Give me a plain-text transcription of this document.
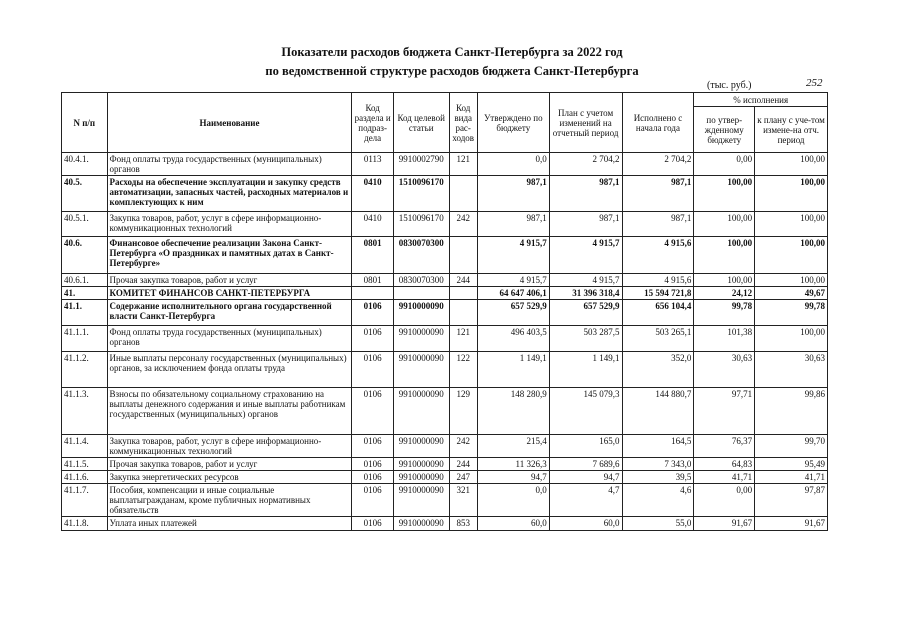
Показатели расходов бюджета Санкт-Петербурга за 2022 год
по ведомственной структуре расходов бюджета Санкт-Петербурга
(тыс. руб.)	252
N п/п	Наименование	Код раздела и подраз-дела	Код целевой статьи	Код вида рас-ходов	Утверждено по бюджету	План с учетом изменений на отчетный период	Исполнено с начала года	% исполнения	
								по утвер-жденному бюджету	к плану с уче-том измене-на отч. период
40.4.1.	Фонд оплаты труда государственных (муниципальных) органов	0113	9910002790	121	0,0	2 704,2	2 704,2	0,00	100,00
40.5.	Расходы на обеспечение эксплуатации и закупку средств автоматизации, запасных частей, расходных материалов и комплектующих к ним	0410	1510096170		987,1	987,1	987,1	100,00	100,00
40.5.1.	Закупка товаров, работ, услуг в сфере информационно-коммуникационных технологий	0410	1510096170	242	987,1	987,1	987,1	100,00	100,00
40.6.	Финансовое обеспечение реализации Закона Санкт-Петербурга «О праздниках и памятных датах в Санкт-Петербурге»	0801	0830070300		4 915,7	4 915,7	4 915,6	100,00	100,00
40.6.1.	Прочая закупка товаров, работ и услуг	0801	0830070300	244	4 915,7	4 915,7	4 915,6	100,00	100,00
41.	КОМИТЕТ ФИНАНСОВ САНКТ-ПЕТЕРБУРГА				64 647 406,1	31 396 318,4	15 594 721,8	24,12	49,67
41.1.	Содержание исполнительного органа государственной власти Санкт-Петербурга	0106	9910000090		657 529,9	657 529,9	656 104,4	99,78	99,78
41.1.1.	Фонд оплаты труда государственных (муниципальных) органов	0106	9910000090	121	496 403,5	503 287,5	503 265,1	101,38	100,00
41.1.2.	Иные выплаты персоналу государственных (муниципальных) органов, за исключением фонда оплаты труда	0106	9910000090	122	1 149,1	1 149,1	352,0	30,63	30,63
41.1.3.	Взносы по обязательному социальному страхованию на выплаты денежного содержания и иные выплаты работникам государственных (муниципальных) органов	0106	9910000090	129	148 280,9	145 079,3	144 880,7	97,71	99,86
41.1.4.	Закупка товаров, работ, услуг в сфере информационно-коммуникационных технологий	0106	9910000090	242	215,4	165,0	164,5	76,37	99,70
41.1.5.	Прочая закупка товаров, работ и услуг	0106	9910000090	244	11 326,3	7 689,6	7 343,0	64,83	95,49
41.1.6.	Закупка энергетических ресурсов	0106	9910000090	247	94,7	94,7	39,5	41,71	41,71
41.1.7.	Пособия, компенсации и иные социальные выплатыгражданам, кроме публичных нормативных обязательств	0106	9910000090	321	0,0	4,7	4,6	0,00	97,87
41.1.8.	Уплата иных платежей	0106	9910000090	853	60,0	60,0	55,0	91,67	91,67
